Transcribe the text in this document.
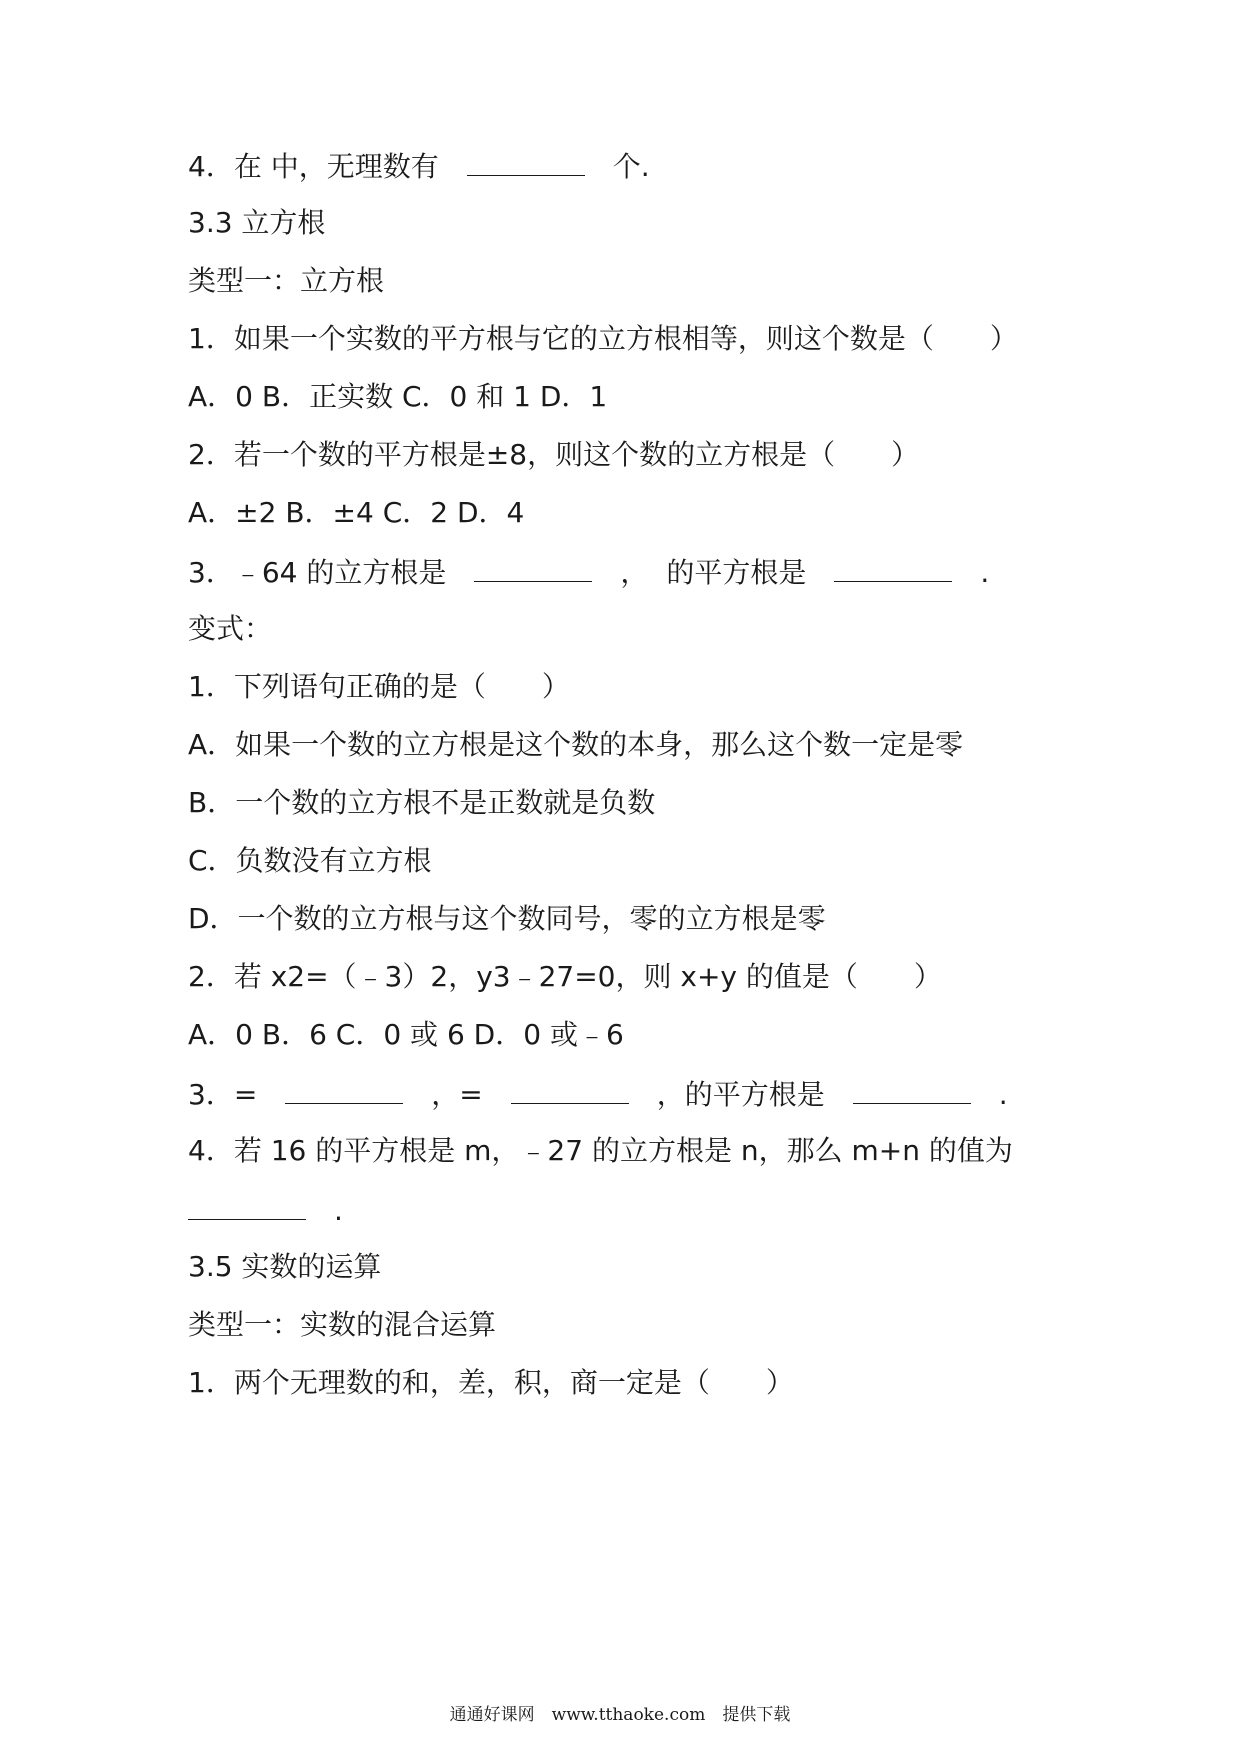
4．在 中，无理数有	个.
3.3 立方根
类型一：立方根
1．如果一个实数的平方根与它的立方根相等，则这个数是（　　）
A．0 B．正实数 C．0 和 1 D．1
2．若一个数的平方根是±8，则这个数的立方根是（　　）
A．±2 B．±4 C．2 D．4
3．﹣64 的立方根是	， 的平方根是	.
变式：
1．下列语句正确的是（　　）
A．如果一个数的立方根是这个数的本身，那么这个数一定是零
B．一个数的立方根不是正数就是负数
C．负数没有立方根
D．一个数的立方根与这个数同号，零的立方根是零
2．若 x2=（﹣3）2，y3﹣27=0，则 x+y 的值是（　　）
A．0 B．6 C．0 或 6 D．0 或﹣6
3．=	，=	，的平方根是	.
4．若 16 的平方根是 m，﹣27 的立方根是 n，那么 m+n 的值为
.
3.5 实数的运算
类型一：实数的混合运算
1．两个无理数的和，差，积，商一定是（　　）
通通好课网　www.tthaoke.com　提供下载
